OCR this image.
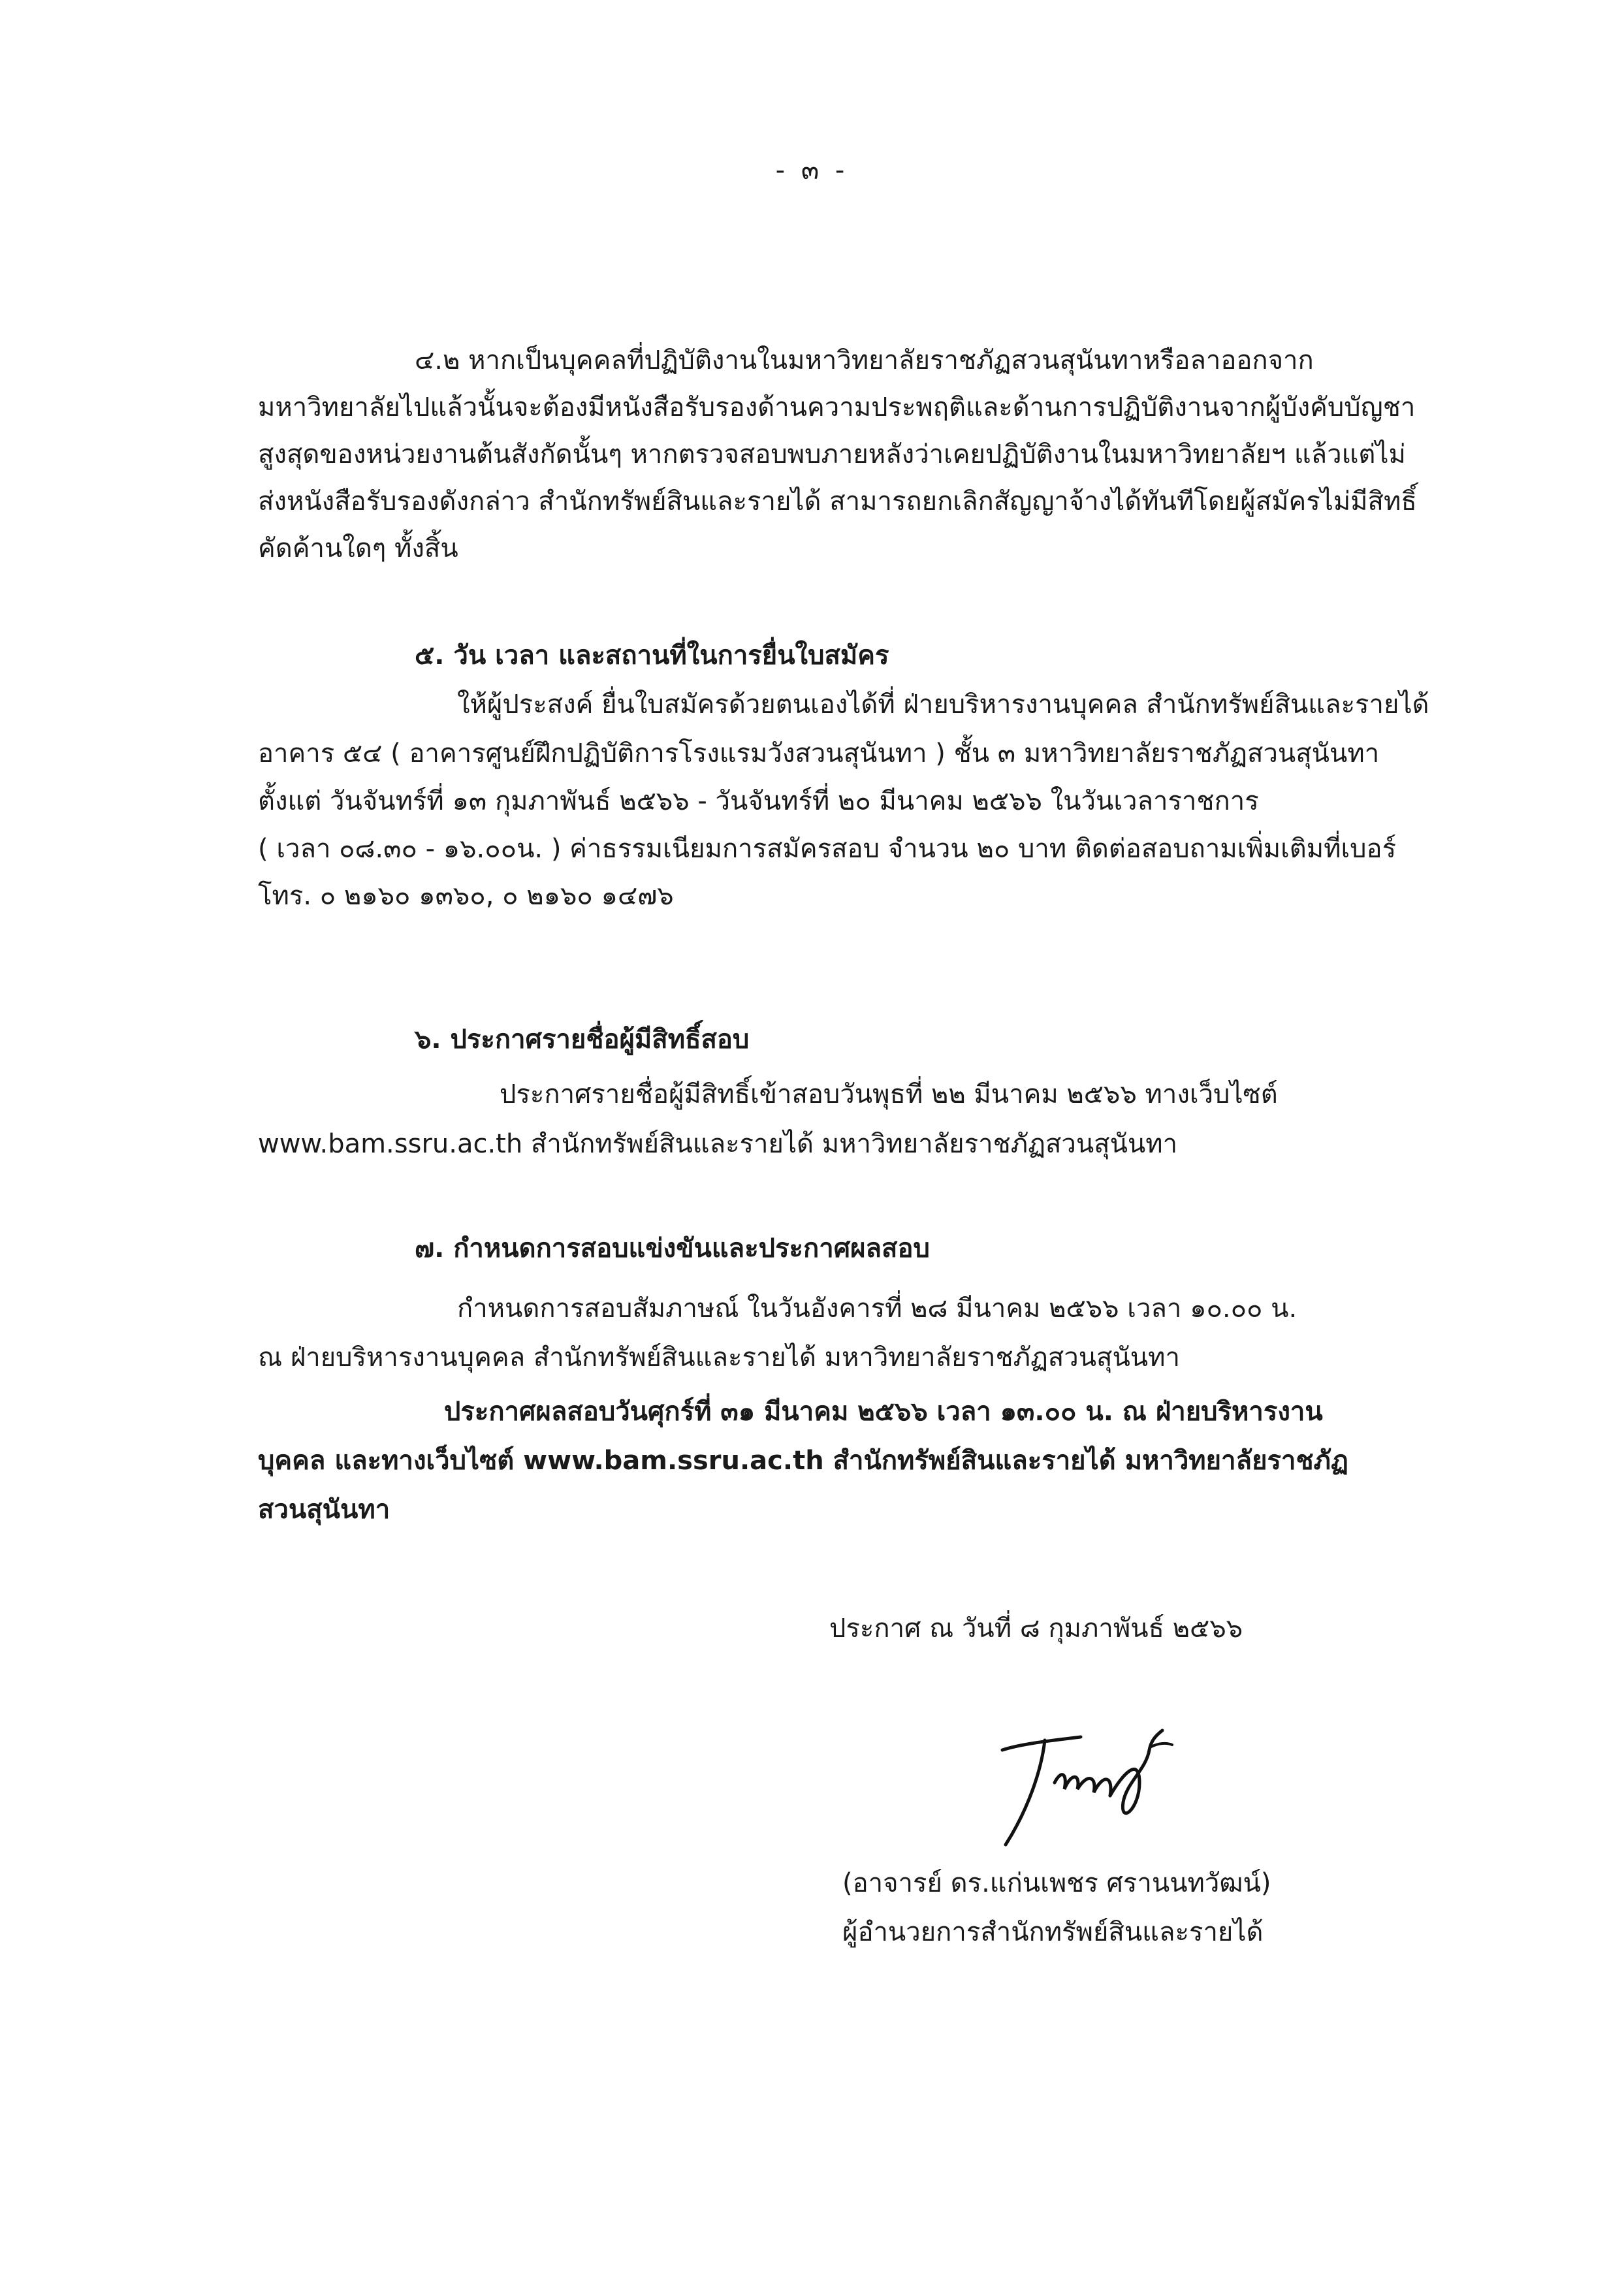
- ๓ -
๔.๒ หากเป็นบุคคลที่ปฏิบัติงานในมหาวิทยาลัยราชภัฏสวนสุนันทาหรือลาออกจาก
มหาวิทยาลัยไปแล้วนั้นจะต้องมีหนังสือรับรองด้านความประพฤติและด้านการปฏิบัติงานจากผู้บังคับบัญชา
สูงสุดของหน่วยงานต้นสังกัดนั้นๆ หากตรวจสอบพบภายหลังว่าเคยปฏิบัติงานในมหาวิทยาลัยฯ แล้วแต่ไม่
ส่งหนังสือรับรองดังกล่าว สำนักทรัพย์สินและรายได้ สามารถยกเลิกสัญญาจ้างได้ทันทีโดยผู้สมัครไม่มีสิทธิ์
คัดค้านใดๆ ทั้งสิ้น
๕. วัน เวลา และสถานที่ในการยื่นใบสมัคร
ให้ผู้ประสงค์ ยื่นใบสมัครด้วยตนเองได้ที่ ฝ่ายบริหารงานบุคคล สำนักทรัพย์สินและรายได้
อาคาร ๕๔ ( อาคารศูนย์ฝึกปฏิบัติการโรงแรมวังสวนสุนันทา ) ชั้น ๓ มหาวิทยาลัยราชภัฏสวนสุนันทา
ตั้งแต่ วันจันทร์ที่ ๑๓ กุมภาพันธ์ ๒๕๖๖ - วันจันทร์ที่ ๒๐ มีนาคม ๒๕๖๖ ในวันเวลาราชการ
( เวลา ๐๘.๓๐ - ๑๖.๐๐น. ) ค่าธรรมเนียมการสมัครสอบ จำนวน ๒๐ บาท ติดต่อสอบถามเพิ่มเติมที่เบอร์
โทร. ๐ ๒๑๖๐ ๑๓๖๐, ๐ ๒๑๖๐ ๑๔๗๖
๖. ประกาศรายชื่อผู้มีสิทธิ์สอบ
ประกาศรายชื่อผู้มีสิทธิ์เข้าสอบวันพุธที่ ๒๒ มีนาคม ๒๕๖๖ ทางเว็บไซต์
www.bam.ssru.ac.th สำนักทรัพย์สินและรายได้ มหาวิทยาลัยราชภัฏสวนสุนันทา
๗. กำหนดการสอบแข่งขันและประกาศผลสอบ
กำหนดการสอบสัมภาษณ์ ในวันอังคารที่ ๒๘ มีนาคม ๒๕๖๖ เวลา ๑๐.๐๐ น.
ณ ฝ่ายบริหารงานบุคคล สำนักทรัพย์สินและรายได้ มหาวิทยาลัยราชภัฏสวนสุนันทา
ประกาศผลสอบวันศุกร์ที่ ๓๑ มีนาคม ๒๕๖๖ เวลา ๑๓.๐๐ น. ณ ฝ่ายบริหารงาน
บุคคล และทางเว็บไซต์ www.bam.ssru.ac.th สำนักทรัพย์สินและรายได้ มหาวิทยาลัยราชภัฏ
สวนสุนันทา
ประกาศ ณ วันที่ ๘ กุมภาพันธ์ ๒๕๖๖
(อาจารย์ ดร.แก่นเพชร ศรานนทวัฒน์)
ผู้อำนวยการสำนักทรัพย์สินและรายได้
